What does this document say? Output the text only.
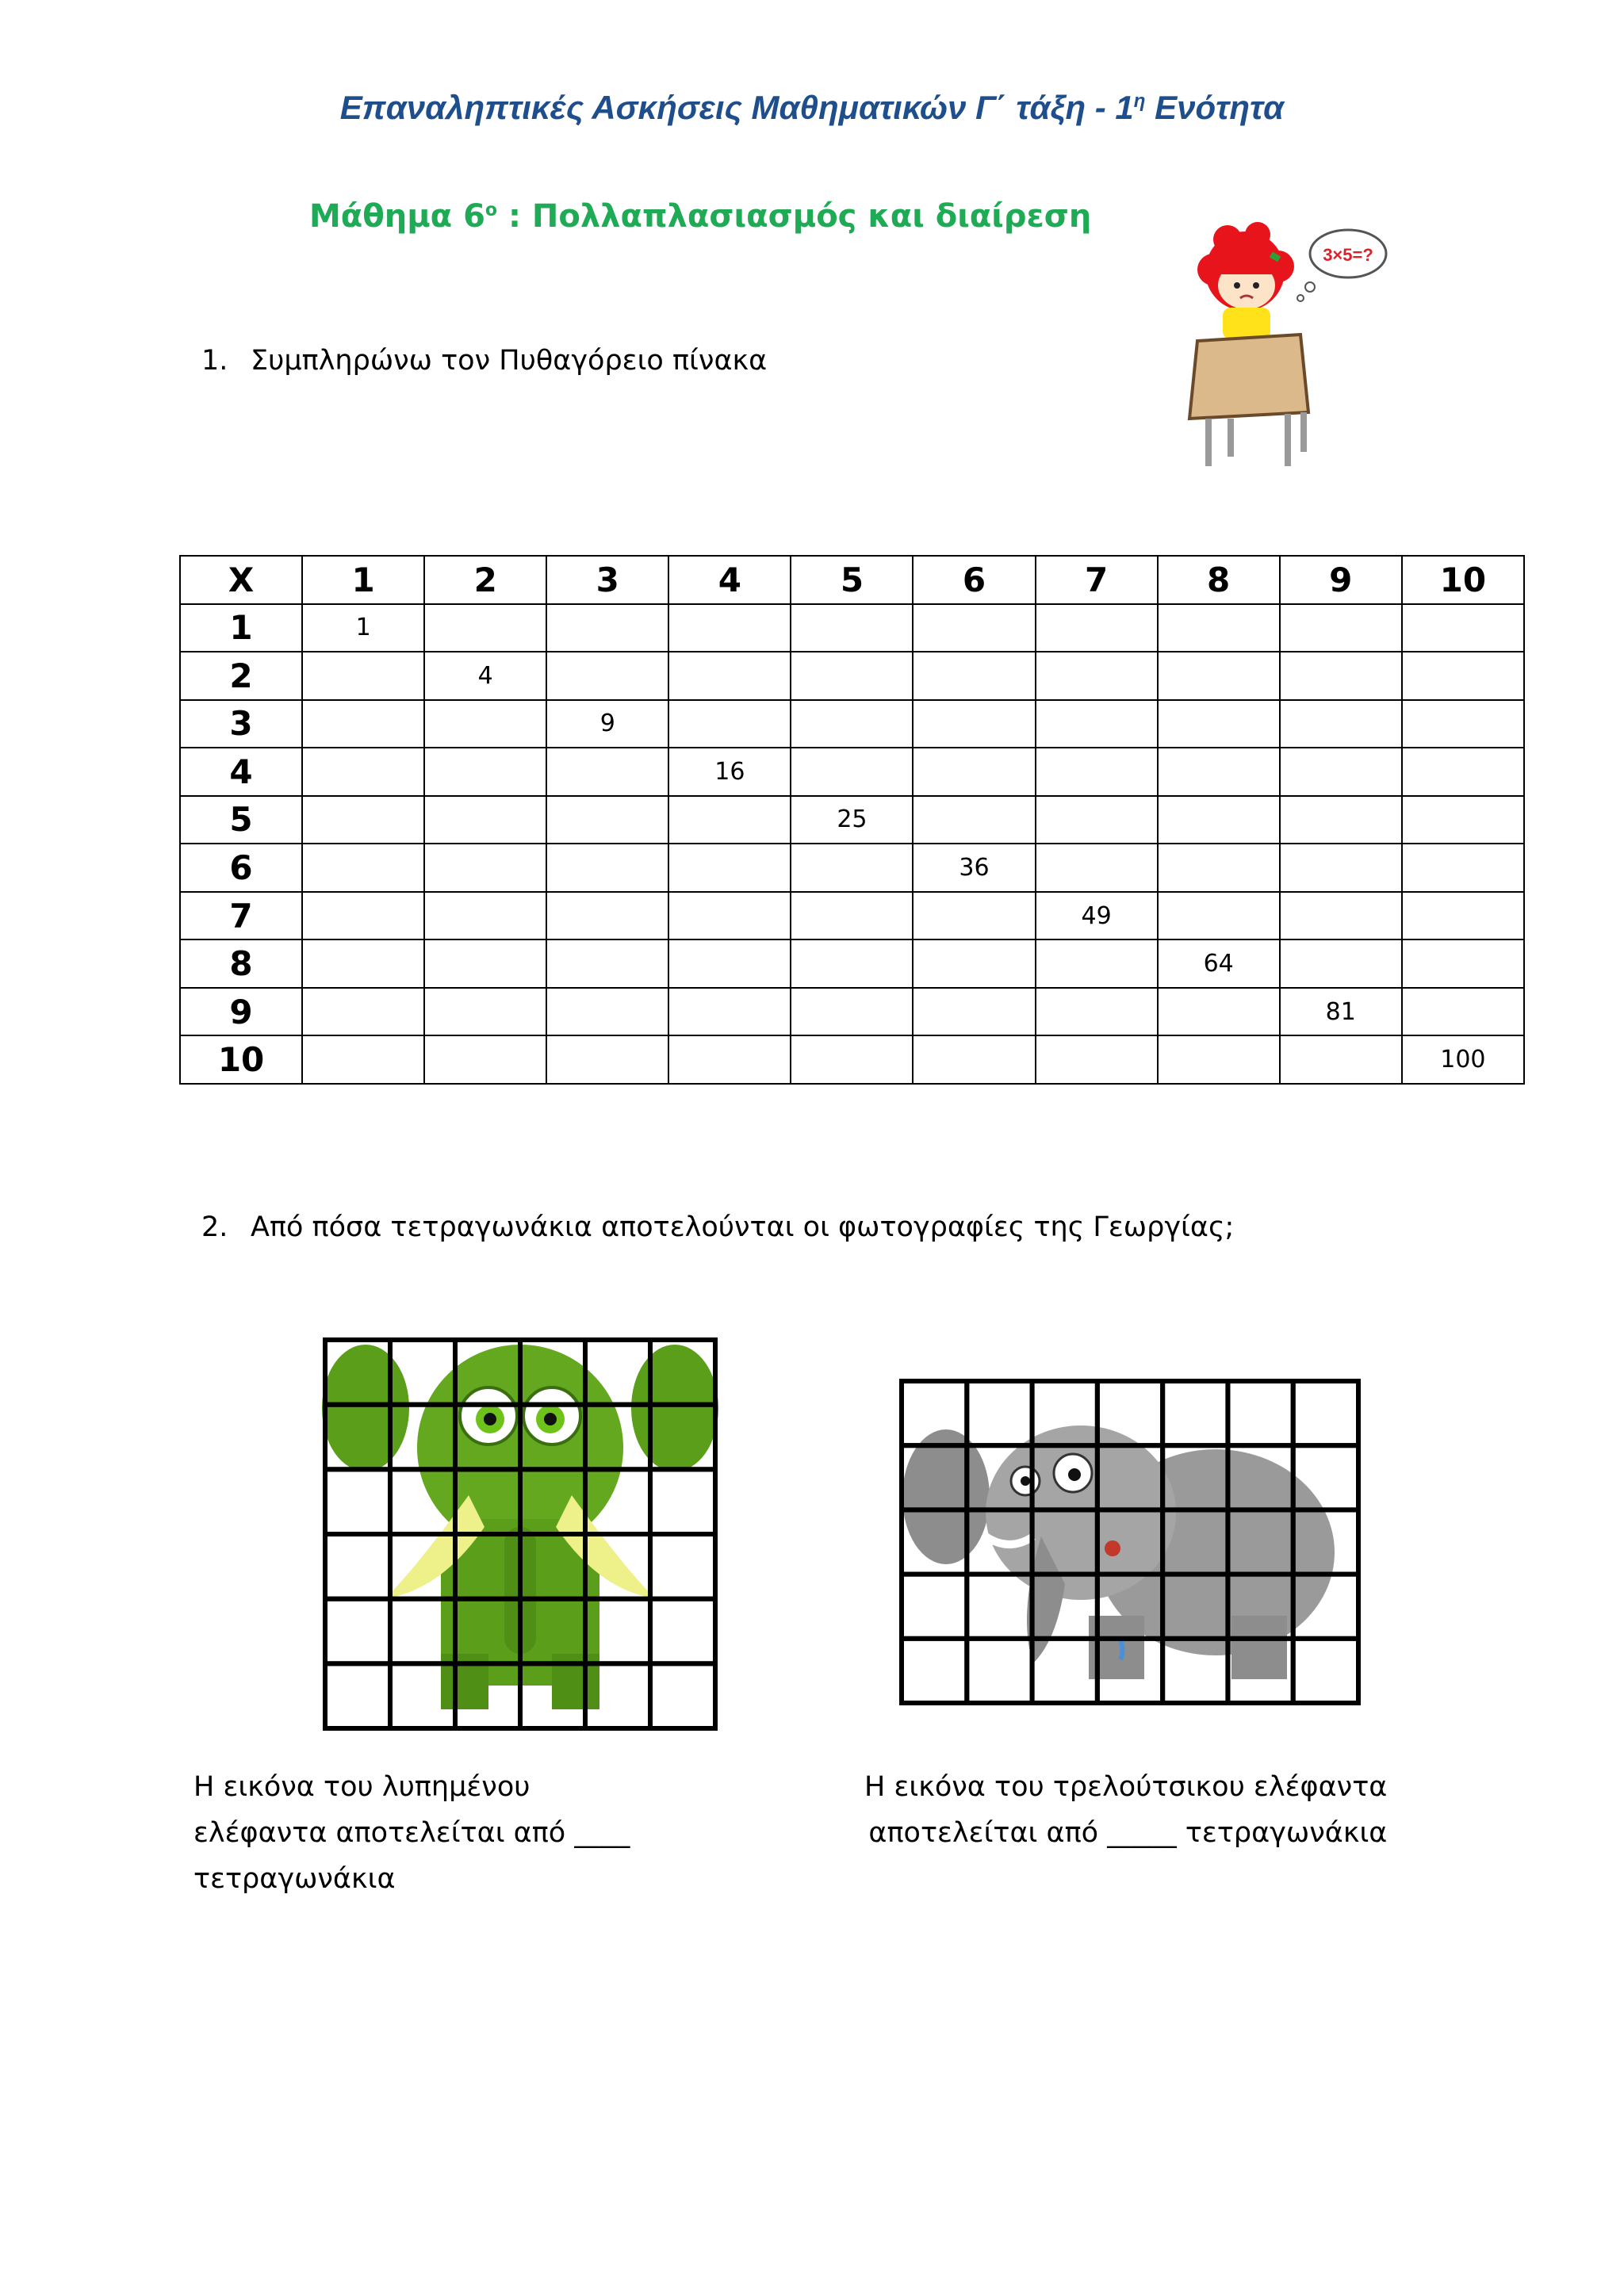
Επαναληπτικές Ασκήσεις Μαθηματικών Γ΄ τάξη - $1^\eta$ Ενότητα
Μάθημα $6^o$ : Πολλαπλασιασμός και διαίρεση
3×5=?
1. Συμπληρώνω τον Πυθαγόρειο πίνακα
Χ	1	2	3	4	5	6	7	8	9	10
1	1									
2		4								
3			9							
4				16						
5					25					
6						36				
7							49			
8								64		
9									81	
10										100
2. Από πόσα τετραγωνάκια αποτελούνται οι φωτογραφίες της Γεωργίας;
Η εικόνα του λυπημένου
ελέφαντα αποτελείται από ____
τετραγωνάκια
Η εικόνα του τρελούτσικου ελέφαντα
αποτελείται από _____ τετραγωνάκια
